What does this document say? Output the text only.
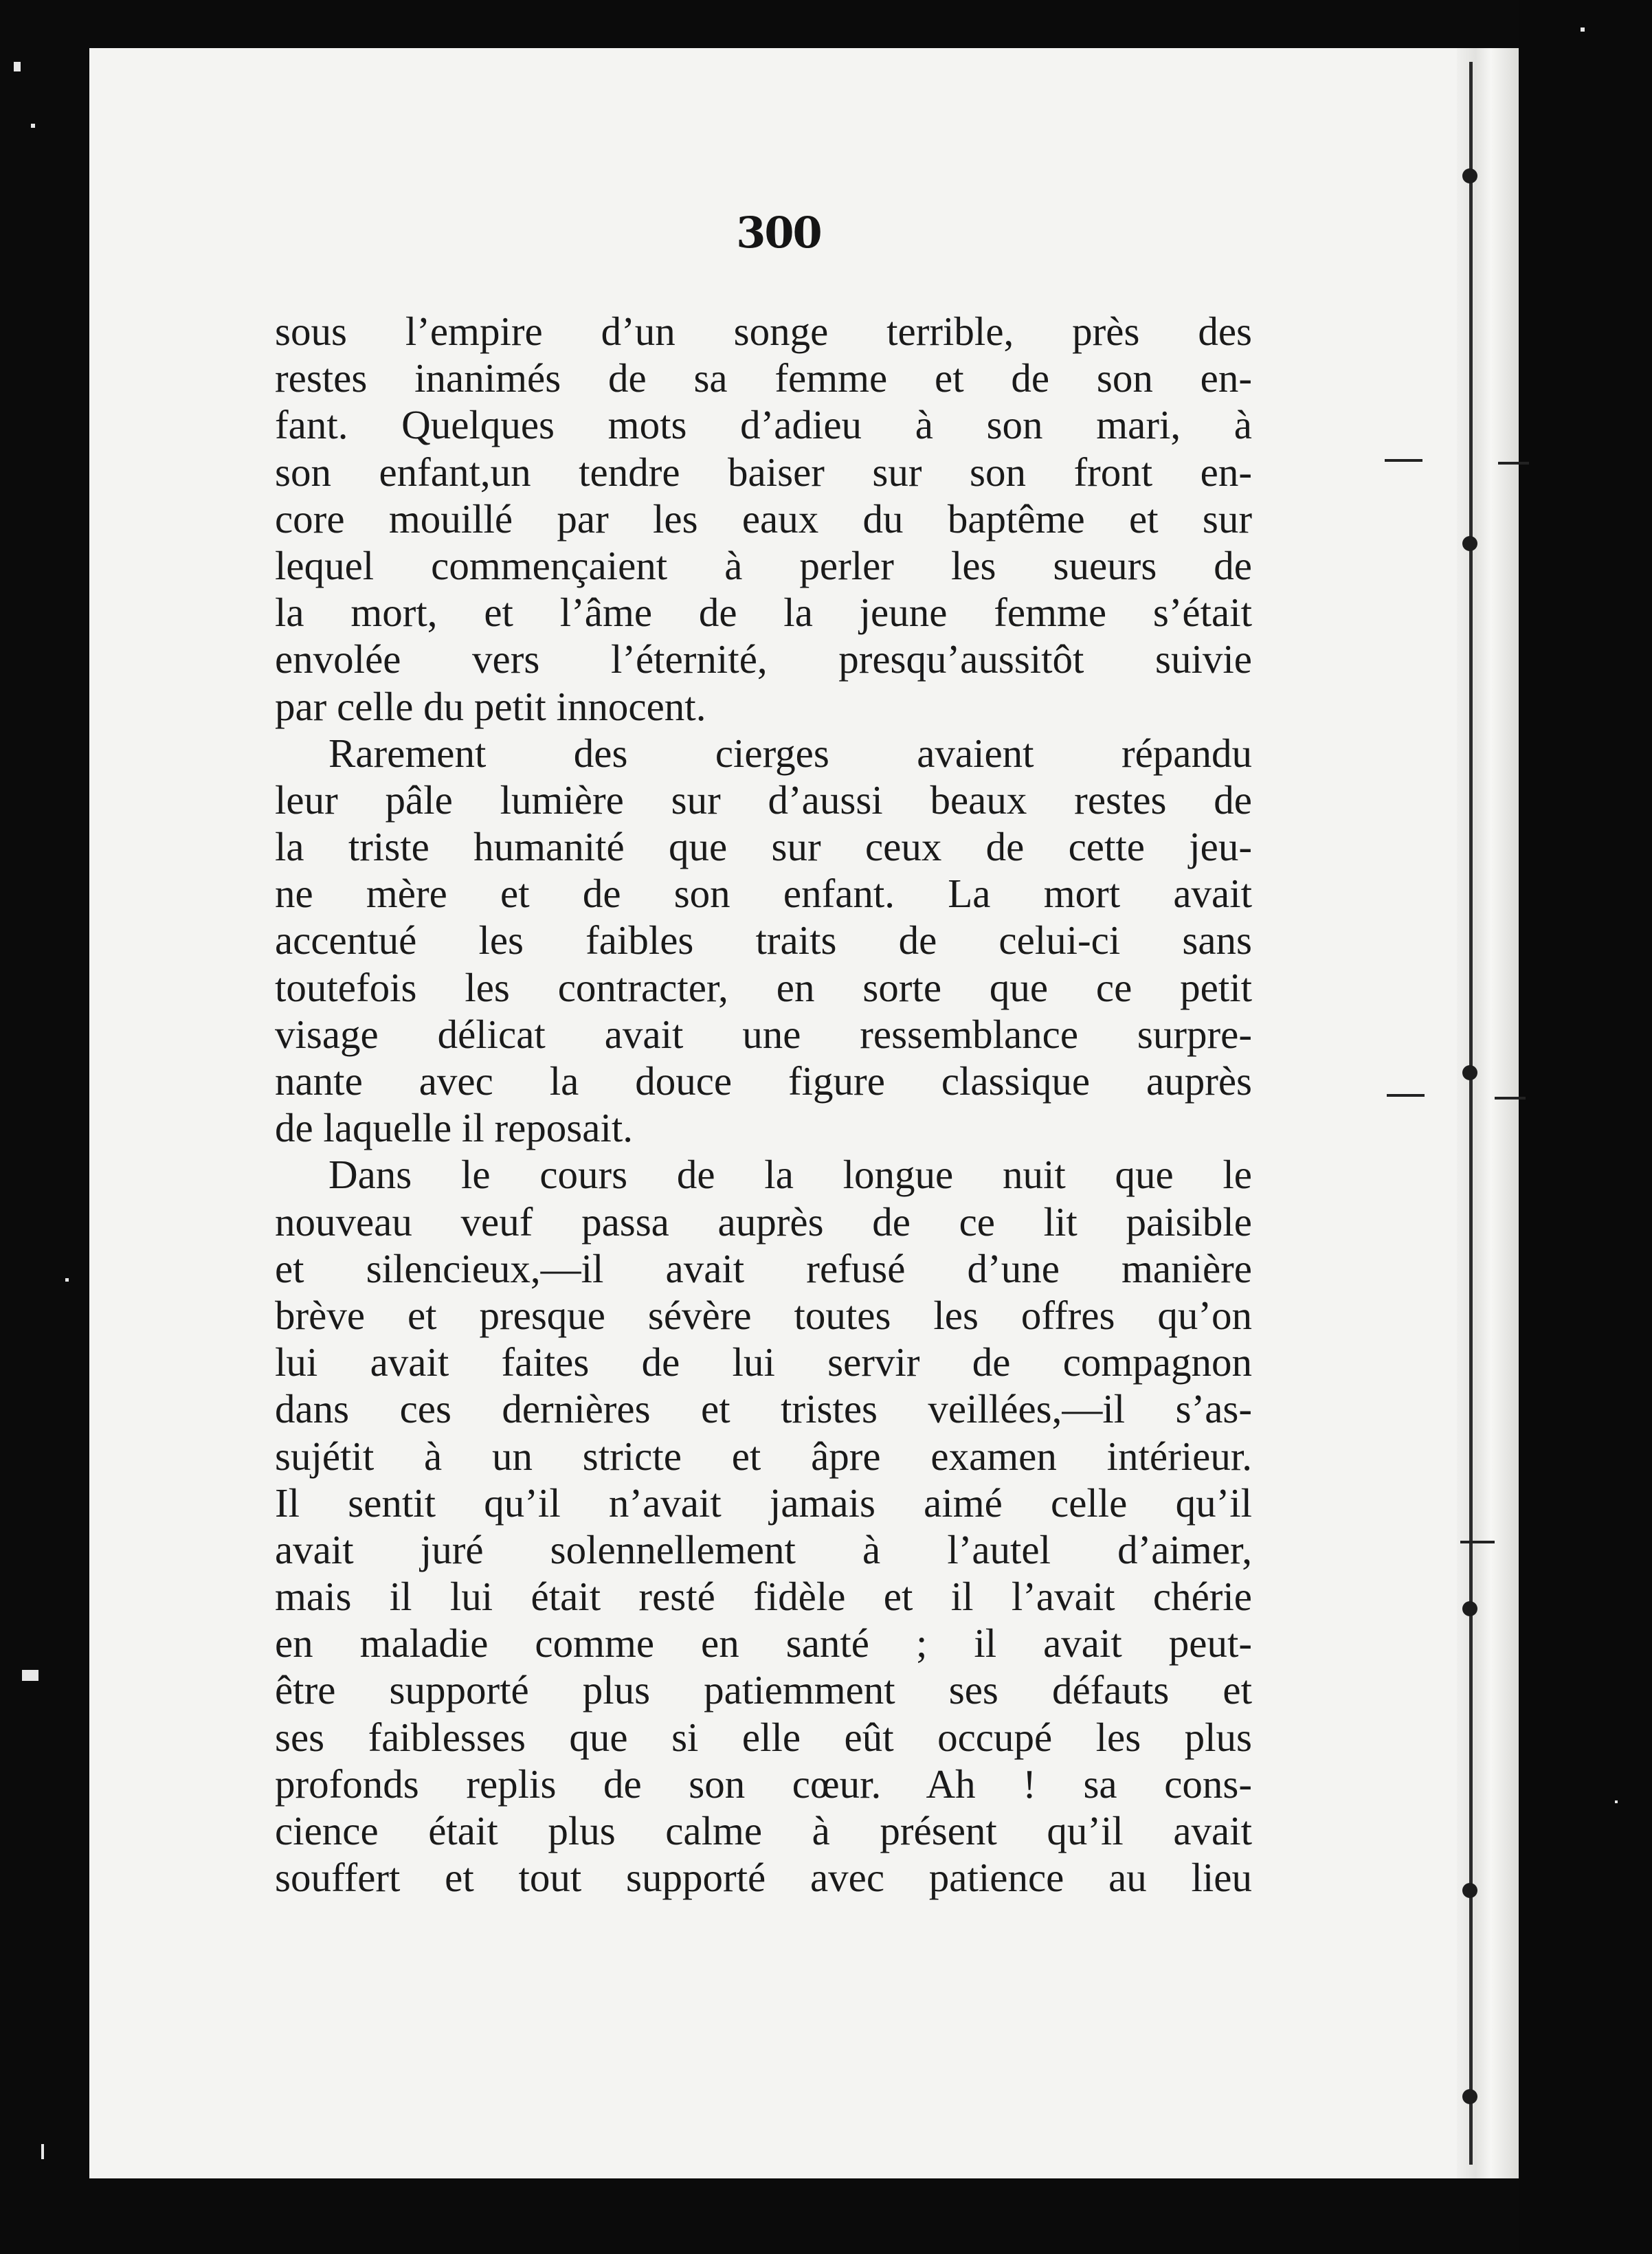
300
sous l’empire d’un songe terrible, près des
restes inanimés de sa femme et de son en-
fant. Quelques mots d’adieu à son mari, à
son enfant,un tendre baiser sur son front en-
core mouillé par les eaux du baptême et sur
lequel commençaient à perler les sueurs de
la mort, et l’âme de la jeune femme s’était
envolée vers l’éternité, presqu’aussitôt suivie
par celle du petit innocent.
Rarement des cierges avaient répandu
leur pâle lumière sur d’aussi beaux restes de
la triste humanité que sur ceux de cette jeu-
ne mère et de son enfant. La mort avait
accentué les faibles traits de celui-ci sans
toutefois les contracter, en sorte que ce petit
visage délicat avait une ressemblance surpre-
nante avec la douce figure classique auprès
de laquelle il reposait.
Dans le cours de la longue nuit que le
nouveau veuf passa auprès de ce lit paisible
et silencieux,—il avait refusé d’une manière
brève et presque sévère toutes les offres qu’on
lui avait faites de lui servir de compagnon
dans ces dernières et tristes veillées,—il s’as-
sujétit à un stricte et âpre examen intérieur.
Il sentit qu’il n’avait jamais aimé celle qu’il
avait juré solennellement à l’autel d’aimer,
mais il lui était resté fidèle et il l’avait chérie
en maladie comme en santé ; il avait peut-
être supporté plus patiemment ses défauts et
ses faiblesses que si elle eût occupé les plus
profonds replis de son cœur. Ah ! sa cons-
cience était plus calme à présent qu’il avait
souffert et tout supporté avec patience au lieu
